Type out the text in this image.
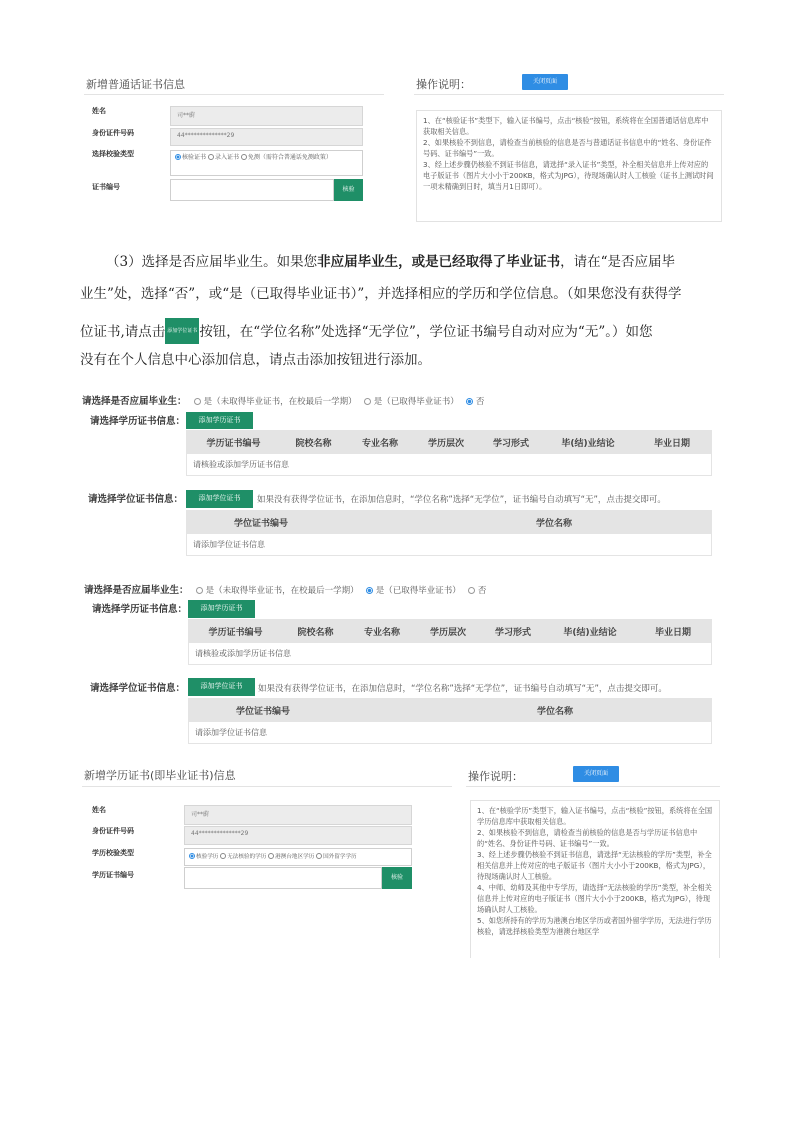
新增普通话证书信息
姓名
司**蔚
身份证件号码	44**************29
选择校验类型	核验证书 录入证书 免测（需符合普通话免测政策）
证书编号	核验
操作说明：	关闭页面
1、在“核验证书”类型下，输入证书编号，点击“核验”按钮，系统将在全国普通话信息库中获取相关信息。
2、如果核验不到信息，请检查当前核验的信息是否与普通话证书信息中的“姓名、身份证件号码、证书编号”一致。
3、经上述步骤仍核验不到证书信息，请选择“录入证书”类型，补全相关信息并上传对应的电子版证书（图片大小小于200KB，格式为JPG），待现场确认时人工核验（证书上测试时间一项未精确到日时，填当月1日即可）。
（3）选择是否应届毕业生。如果您非应届毕业生，或是已经取得了毕业证书，请在“是否应届毕
业生”处，选择“否”，或“是（已取得毕业证书）”，并选择相应的学历和学位信息。（如果您没有获得学
位证书,请点击 添加学位证书 按钮，在“学位名称”处选择“无学位”，学位证书编号自动对应为“无”。）如您
没有在个人信息中心添加信息，请点击添加按钮进行添加。
请选择是否应届毕业生： 是（未取得毕业证书，在校最后一学期） 是（已取得毕业证书） 否
请选择学历证书信息：	添加学历证书
学历证书编号	院校名称	专业名称	学历层次	学习形式	毕(结)业结论	毕业日期
请核验或添加学历证书信息
请选择学位证书信息：	添加学位证书	如果没有获得学位证书，在添加信息时，“学位名称”选择“无学位”，证书编号自动填写“无”，点击提交即可。
学位证书编号	学位名称
请添加学位证书信息
请选择是否应届毕业生： 是（未取得毕业证书，在校最后一学期） 是（已取得毕业证书） 否
请选择学历证书信息：	添加学历证书
学历证书编号	院校名称	专业名称	学历层次	学习形式	毕(结)业结论	毕业日期
请核验或添加学历证书信息
请选择学位证书信息：	添加学位证书	如果没有获得学位证书，在添加信息时，“学位名称”选择“无学位”，证书编号自动填写“无”，点击提交即可。
学位证书编号	学位名称
请添加学位证书信息
新增学历证书(即毕业证书)信息
姓名
司**蔚
身份证件号码	44**************29
学历校验类型	核验学历 无法核验的学历 港澳台地区学历 国外留学学历
学历证书编号	核验
操作说明：	关闭页面
1、在“核验学历”类型下，输入证书编号，点击“核验”按钮，系统将在全国学历信息库中获取相关信息。
2、如果核验不到信息，请检查当前核验的信息是否与学历证书信息中的“姓名、身份证件号码、证书编号”一致。
3、经上述步骤仍核验不到证书信息，请选择“无法核验的学历”类型，补全相关信息并上传对应的电子版证书（图片大小小于200KB，格式为JPG），待现场确认时人工核验。
4、中师、幼师及其他中专学历，请选择“无法核验的学历”类型，补全相关信息并上传对应的电子版证书（图片大小小于200KB，格式为JPG），待现场确认时人工核验。
5、如您所持有的学历为港澳台地区学历或者国外留学学历，无法进行学历核验，请选择核验类型为港澳台地区学
